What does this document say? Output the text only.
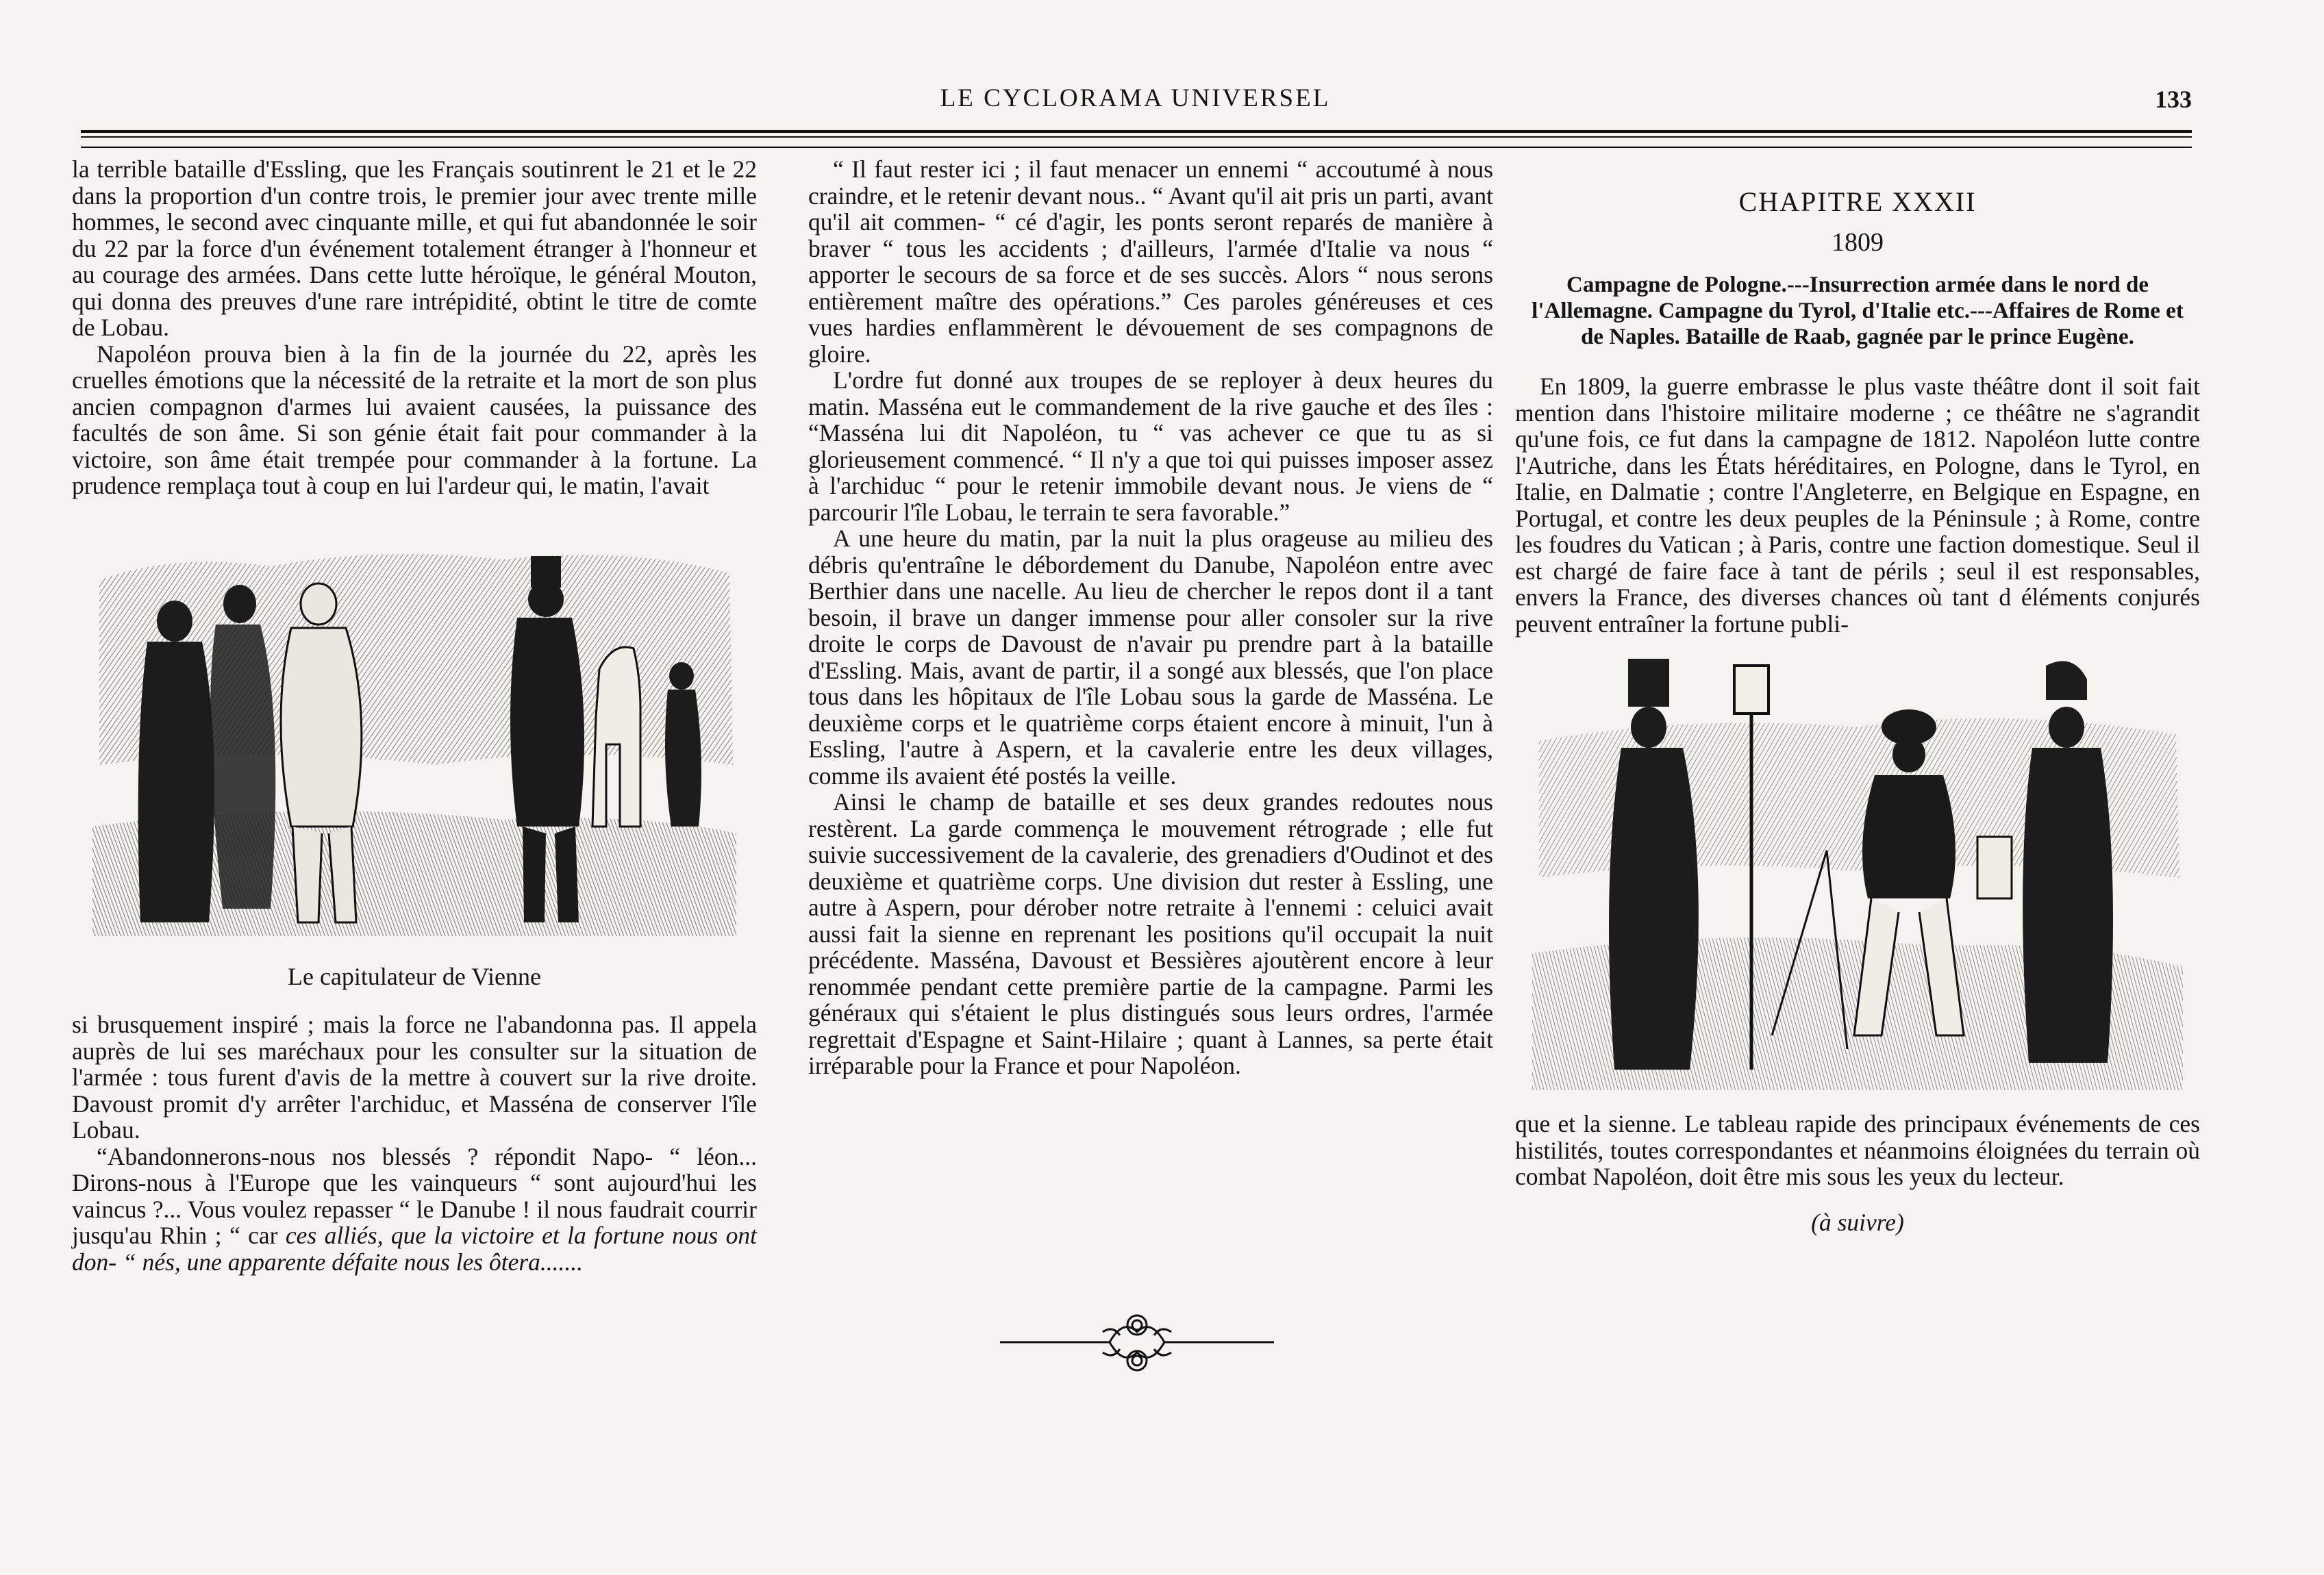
LE CYCLORAMA UNIVERSEL	133

la terrible bataille d'Essling, que les Français soutinrent le 21 et le 22 dans la proportion d'un contre trois, le premier jour avec trente mille hommes, le second avec cinquante mille, et qui fut abandonnée le soir du 22 par la force d'un événement totalement étranger à l'honneur et au courage des armées. Dans cette lutte héroïque, le général Mouton, qui donna des preuves d'une rare intrépidité, obtint le titre de comte de Lobau.

Napoléon prouva bien à la fin de la journée du 22, après les cruelles émotions que la nécessité de la retraite et la mort de son plus ancien compagnon d'armes lui avaient causées, la puissance des facultés de son âme. Si son génie était fait pour commander à la victoire, son âme était trempée pour commander à la fortune. La prudence remplaça tout à coup en lui l'ardeur qui, le matin, l'avait

Le capitulateur de Vienne

si brusquement inspiré ; mais la force ne l'abandonna pas. Il appela auprès de lui ses maréchaux pour les consulter sur la situation de l'armée : tous furent d'avis de la mettre à couvert sur la rive droite. Davoust promit d'y arrêter l'archiduc, et Masséna de conserver l'île Lobau.

“Abandonnerons-nous nos blessés ? répondit Napo- “ léon... Dirons-nous à l'Europe que les vainqueurs “ sont aujourd'hui les vaincus ?... Vous voulez repasser “ le Danube ! il nous faudrait courrir jusqu'au Rhin ; “ car ces alliés, que la victoire et la fortune nous ont don- “ nés, une apparente défaite nous les ôtera.......

“ Il faut rester ici ; il faut menacer un ennemi “ accoutumé à nous craindre, et le retenir devant nous.. “ Avant qu'il ait pris un parti, avant qu'il ait commen- “ cé d'agir, les ponts seront reparés de manière à braver “ tous les accidents ; d'ailleurs, l'armée d'Italie va nous “ apporter le secours de sa force et de ses succès. Alors “ nous serons entièrement maître des opérations.” Ces paroles généreuses et ces vues hardies enflammèrent le dévouement de ses compagnons de gloire.

L'ordre fut donné aux troupes de se reployer à deux heures du matin. Masséna eut le commandement de la rive gauche et des îles : “Masséna lui dit Napoléon, tu “ vas achever ce que tu as si glorieusement commencé. “ Il n'y a que toi qui puisses imposer assez à l'archiduc “ pour le retenir immobile devant nous. Je viens de “ parcourir l'île Lobau, le terrain te sera favorable.”

A une heure du matin, par la nuit la plus orageuse au milieu des débris qu'entraîne le débordement du Danube, Napoléon entre avec Berthier dans une nacelle. Au lieu de chercher le repos dont il a tant besoin, il brave un danger immense pour aller consoler sur la rive droite le corps de Davoust de n'avair pu prendre part à la bataille d'Essling. Mais, avant de partir, il a songé aux blessés, que l'on place tous dans les hôpitaux de l'île Lobau sous la garde de Masséna. Le deuxième corps et le quatrième corps étaient encore à minuit, l'un à Essling, l'autre à Aspern, et la cavalerie entre les deux villages, comme ils avaient été postés la veille.

Ainsi le champ de bataille et ses deux grandes redoutes nous restèrent. La garde commença le mouvement rétrograde ; elle fut suivie successivement de la cavalerie, des grenadiers d'Oudinot et des deuxième et quatrième corps. Une division dut rester à Essling, une autre à Aspern, pour dérober notre retraite à l'ennemi : celuici avait aussi fait la sienne en reprenant les positions qu'il occupait la nuit précédente. Masséna, Davoust et Bessières ajoutèrent encore à leur renommée pendant cette première partie de la campagne. Parmi les généraux qui s'étaient le plus distingués sous leurs ordres, l'armée regrettait d'Espagne et Saint-Hilaire ; quant à Lannes, sa perte était irréparable pour la France et pour Napoléon.

CHAPITRE XXXII
1809
Campagne de Pologne.---Insurrection armée dans le nord de l'Allemagne. Campagne du Tyrol, d'Italie etc.---Affaires de Rome et de Naples. Bataille de Raab, gagnée par le prince Eugène.

En 1809, la guerre embrasse le plus vaste théâtre dont il soit fait mention dans l'histoire militaire moderne ; ce théâtre ne s'agrandit qu'une fois, ce fut dans la campagne de 1812. Napoléon lutte contre l'Autriche, dans les États héréditaires, en Pologne, dans le Tyrol, en Italie, en Dalmatie ; contre l'Angleterre, en Belgique en Espagne, en Portugal, et contre les deux peuples de la Péninsule ; à Rome, contre les foudres du Vatican ; à Paris, contre une faction domestique. Seul il est chargé de faire face à tant de périls ; seul il est responsables, envers la France, des diverses chances où tant d éléments conjurés peuvent entraîner la fortune publi-

que et la sienne. Le tableau rapide des principaux événements de ces histilités, toutes correspondantes et néanmoins éloignées du terrain où combat Napoléon, doit être mis sous les yeux du lecteur.

(à suivre)
